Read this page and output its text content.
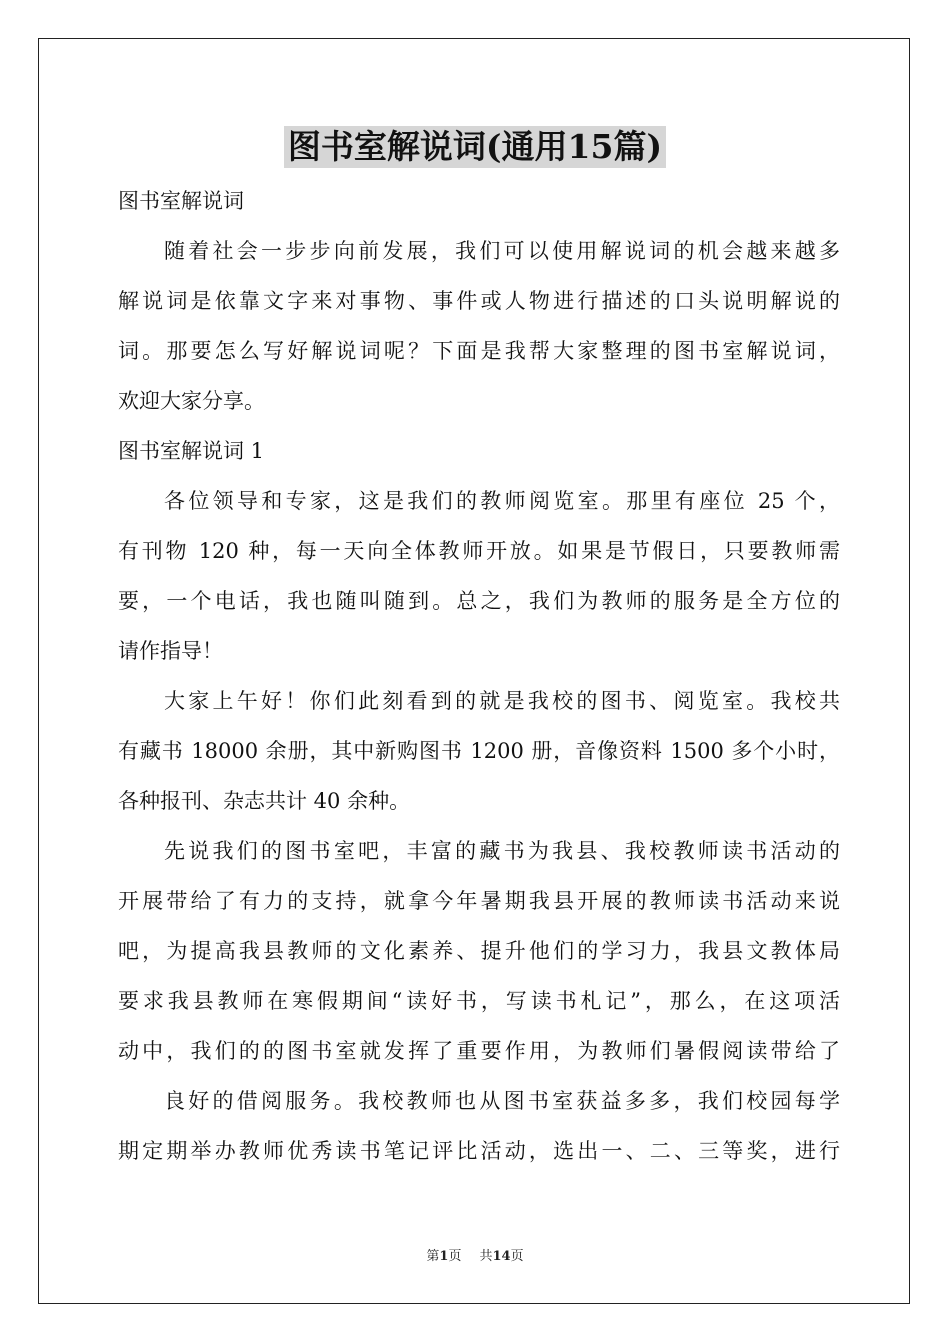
图书室解说词(通用15篇)
图书室解说词
随着社会一步步向前发展，我们可以使用解说词的机会越来越多
解说词是依靠文字来对事物、事件或人物进行描述的口头说明解说的
词。那要怎么写好解说词呢？下面是我帮大家整理的图书室解说词，
欢迎大家分享。
图书室解说词 1
各位领导和专家，这是我们的教师阅览室。那里有座位 25 个，
有刊物 120 种，每一天向全体教师开放。如果是节假日，只要教师需
要，一个电话，我也随叫随到。总之，我们为教师的服务是全方位的
请作指导！
大家上午好！你们此刻看到的就是我校的图书、阅览室。我校共
有藏书 18000 余册，其中新购图书 1200 册，音像资料 1500 多个小时，
各种报刊、杂志共计 40 余种。
先说我们的图书室吧，丰富的藏书为我县、我校教师读书活动的
开展带给了有力的支持，就拿今年暑期我县开展的教师读书活动来说
吧，为提高我县教师的文化素养、提升他们的学习力，我县文教体局
要求我县教师在寒假期间“读好书，写读书札记”，那么，在这项活
动中，我们的的图书室就发挥了重要作用，为教师们暑假阅读带给了
良好的借阅服务。我校教师也从图书室获益多多，我们校园每学
期定期举办教师优秀读书笔记评比活动，选出一、二、三等奖，进行
第1页 共14页
